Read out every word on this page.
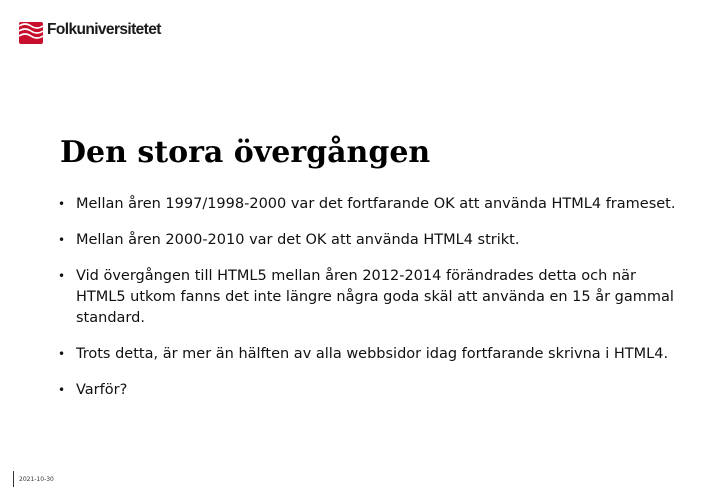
Folkuniversitetet
Den stora övergången
• Mellan åren 1997/1998-2000 var det fortfarande OK att använda HTML4 frameset.
• Mellan åren 2000-2010 var det OK att använda HTML4 strikt.
• Vid övergången till HTML5 mellan åren 2012-2014 förändrades detta och när HTML5 utkom fanns det inte längre några goda skäl att använda en 15 år gammal standard.
• Trots detta, är mer än hälften av alla webbsidor idag fortfarande skrivna i HTML4.
• Varför?
2021-10-30
